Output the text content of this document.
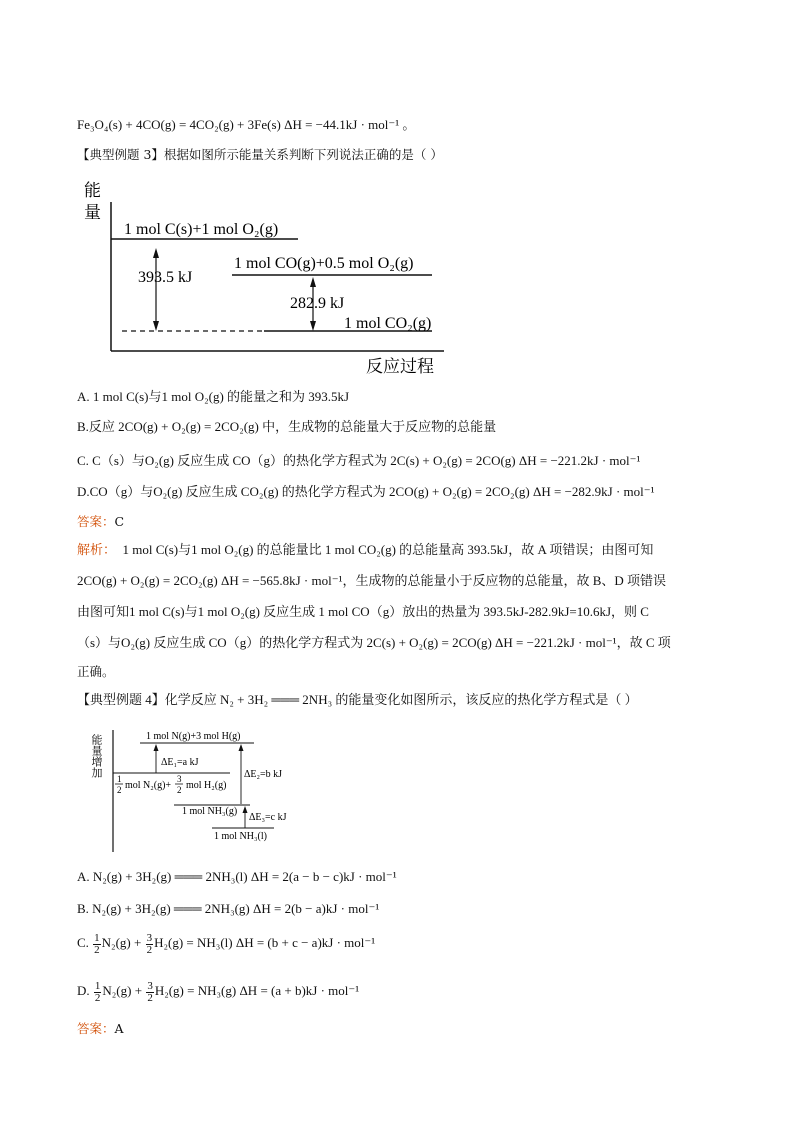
Fe₃O₄(s) + 4CO(g) = 4CO₂(g) + 3Fe(s) ΔH = −44.1kJ · mol⁻¹ 。
【典型例题 3】根据如图所示能量关系判断下列说法正确的是（ ）
能
量
反应过程
1 mol C(s)+1 mol O₂(g)
1 mol CO(g)+0.5 mol O₂(g)
1 mol CO₂(g)
393.5 kJ
282.9 kJ
A. 1 mol C(s)与1 mol O₂(g) 的能量之和为 393.5kJ
B.反应 2CO(g) + O₂(g) = 2CO₂(g) 中，生成物的总能量大于反应物的总能量
C. C（s）与O₂(g) 反应生成 CO（g）的热化学方程式为 2C(s) + O₂(g) = 2CO(g) ΔH = −221.2kJ · mol⁻¹
D.CO（g）与O₂(g) 反应生成 CO₂(g) 的热化学方程式为 2CO(g) + O₂(g) = 2CO₂(g) ΔH = −282.9kJ · mol⁻¹
答案：C
解析： 1 mol C(s)与1 mol O₂(g) 的总能量比 1 mol CO₂(g) 的总能量高 393.5kJ，故 A 项错误；由图可知
2CO(g) + O₂(g) = 2CO₂(g) ΔH = −565.8kJ · mol⁻¹，生成物的总能量小于反应物的总能量，故 B、D 项错误
由图可知1 mol C(s)与1 mol O₂(g) 反应生成 1 mol CO（g）放出的热量为 393.5kJ-282.9kJ=10.6kJ，则 C
（s）与O₂(g) 反应生成 CO（g）的热化学方程式为 2C(s) + O₂(g) = 2CO(g) ΔH = −221.2kJ · mol⁻¹，故 C 项
正确。
【典型例题 4】化学反应 N₂ + 3H₂ ═══ 2NH₃ 的能量变化如图所示，该反应的热化学方程式是（ ）
能量增加	1 mol N(g)+3 mol H(g)
1
2 mol N₂(g)+
3
2 mol H₂(g)
ΔE₁=a kJ
ΔE₂=b kJ
1 mol NH₃(g)
ΔE₃=c kJ
1 mol NH₃(l)
A. N₂(g) + 3H₂(g) ═══ 2NH₃(l) ΔH = 2(a − b − c)kJ · mol⁻¹
B. N₂(g) + 3H₂(g) ═══ 2NH₃(g) ΔH = 2(b − a)kJ · mol⁻¹
C. $\frac{1}{2} N_2(g) + \frac{3}{2} H_2(g) = NH_3(l) \Delta H = (b + c - a)kJ \cdot mol^{-1}$
D. $\frac{1}{2} N_2(g) + \frac{3}{2} H_2(g) = NH_3(g) \Delta H = (a + b)kJ \cdot mol^{-1}$
答案：A
